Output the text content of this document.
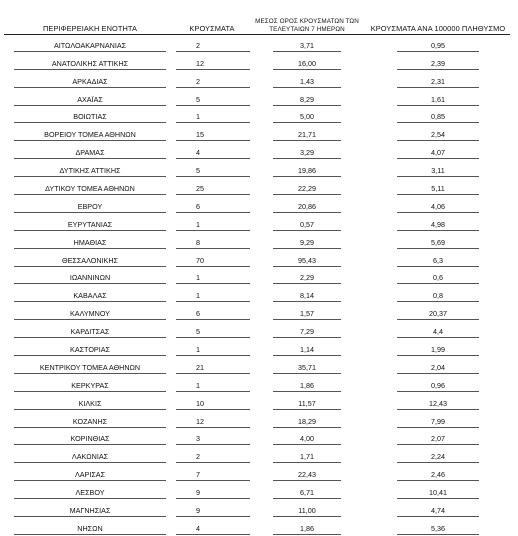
ΠΕΡΙΦΕΡΕΙΑΚΗ ΕΝΟΤΗΤΑ	ΚΡΟΥΣΜΑΤΑ	ΜΕΣΟΣ ΟΡΟΣ ΚΡΟΥΣΜΑΤΩΝ ΤΩΝ
ΤΕΛΕΥΤΑΙΩΝ 7 ΗΜΕΡΩΝ	ΚΡΟΥΣΜΑΤΑ ΑΝΑ 100000 ΠΛΗΘΥΣΜΟ
ΑΙΤΩΛΟΑΚΑΡΝΑΝΙΑΣ	2	3,71	0,95
ΑΝΑΤΟΛΙΚΗΣ ΑΤΤΙΚΗΣ	12	16,00	2,39
ΑΡΚΑΔΙΑΣ	2	1,43	2,31
ΑΧΑΪΑΣ	5	8,29	1,61
ΒΟΙΩΤΙΑΣ	1	5,00	0,85
ΒΟΡΕΙΟΥ ΤΟΜΕΑ ΑΘΗΝΩΝ	15	21,71	2,54
ΔΡΑΜΑΣ	4	3,29	4,07
ΔΥΤΙΚΗΣ ΑΤΤΙΚΗΣ	5	19,86	3,11
ΔΥΤΙΚΟΥ ΤΟΜΕΑ ΑΘΗΝΩΝ	25	22,29	5,11
ΕΒΡΟΥ	6	20,86	4,06
ΕΥΡΥΤΑΝΙΑΣ	1	0,57	4,98
ΗΜΑΘΙΑΣ	8	9,29	5,69
ΘΕΣΣΑΛΟΝΙΚΗΣ	70	95,43	6,3
ΙΩΑΝΝΙΝΩΝ	1	2,29	0,6
ΚΑΒΑΛΑΣ	1	8,14	0,8
ΚΑΛΥΜΝΟΥ	6	1,57	20,37
ΚΑΡΔΙΤΣΑΣ	5	7,29	4,4
ΚΑΣΤΟΡΙΑΣ	1	1,14	1,99
ΚΕΝΤΡΙΚΟΥ ΤΟΜΕΑ ΑΘΗΝΩΝ	21	35,71	2,04
ΚΕΡΚΥΡΑΣ	1	1,86	0,96
ΚΙΛΚΙΣ	10	11,57	12,43
ΚΟΖΑΝΗΣ	12	18,29	7,99
ΚΟΡΙΝΘΙΑΣ	3	4,00	2,07
ΛΑΚΩΝΙΑΣ	2	1,71	2,24
ΛΑΡΙΣΑΣ	7	22,43	2,46
ΛΕΣΒΟΥ	9	6,71	10,41
ΜΑΓΝΗΣΙΑΣ	9	11,00	4,74
ΝΗΣΩΝ	4	1,86	5,36
